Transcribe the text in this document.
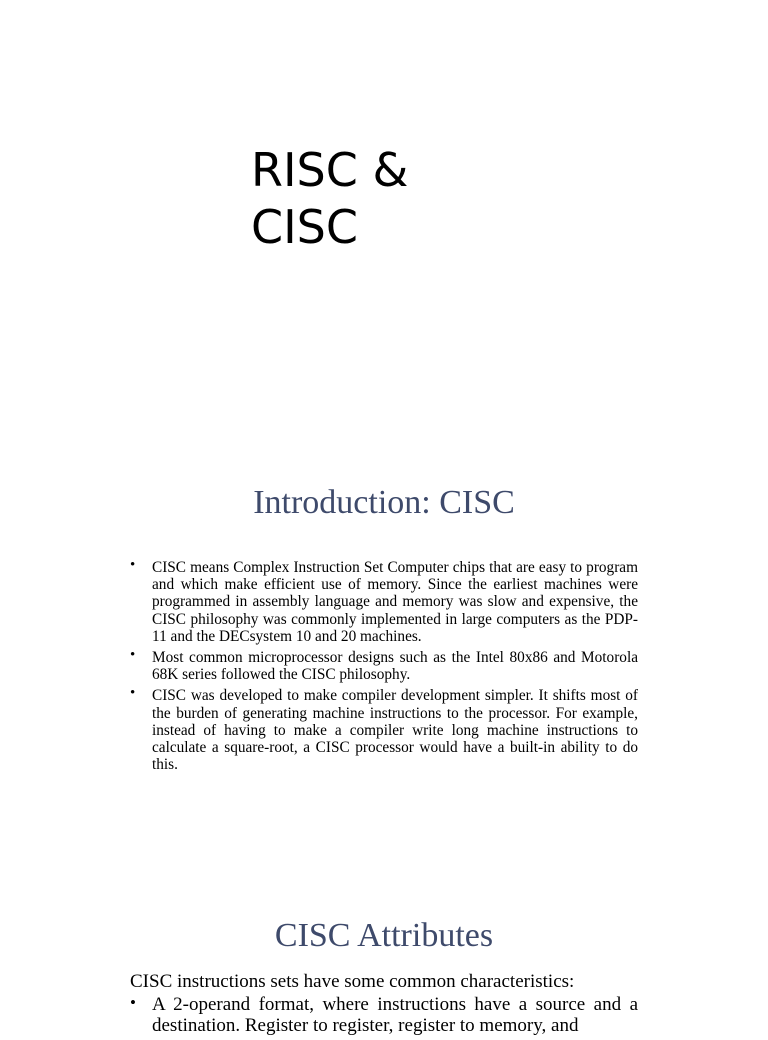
RISC &
CISC
Introduction: CISC
• CISC means Complex Instruction Set Computer chips that are easy to program and which make efficient use of memory. Since the earliest machines were programmed in assembly language and memory was slow and expensive, the CISC philosophy was commonly implemented in large computers as the PDP-11 and the DECsystem 10 and 20 machines.
• Most common microprocessor designs such as the Intel 80x86 and Motorola 68K series followed the CISC philosophy.
• CISC was developed to make compiler development simpler. It shifts most of the burden of generating machine instructions to the processor. For example, instead of having to make a compiler write long machine instructions to calculate a square-root, a CISC processor would have a built-in ability to do this.
CISC Attributes
CISC instructions sets have some common characteristics:
• A 2-operand format, where instructions have a source and a destination. Register to register, register to memory, and
